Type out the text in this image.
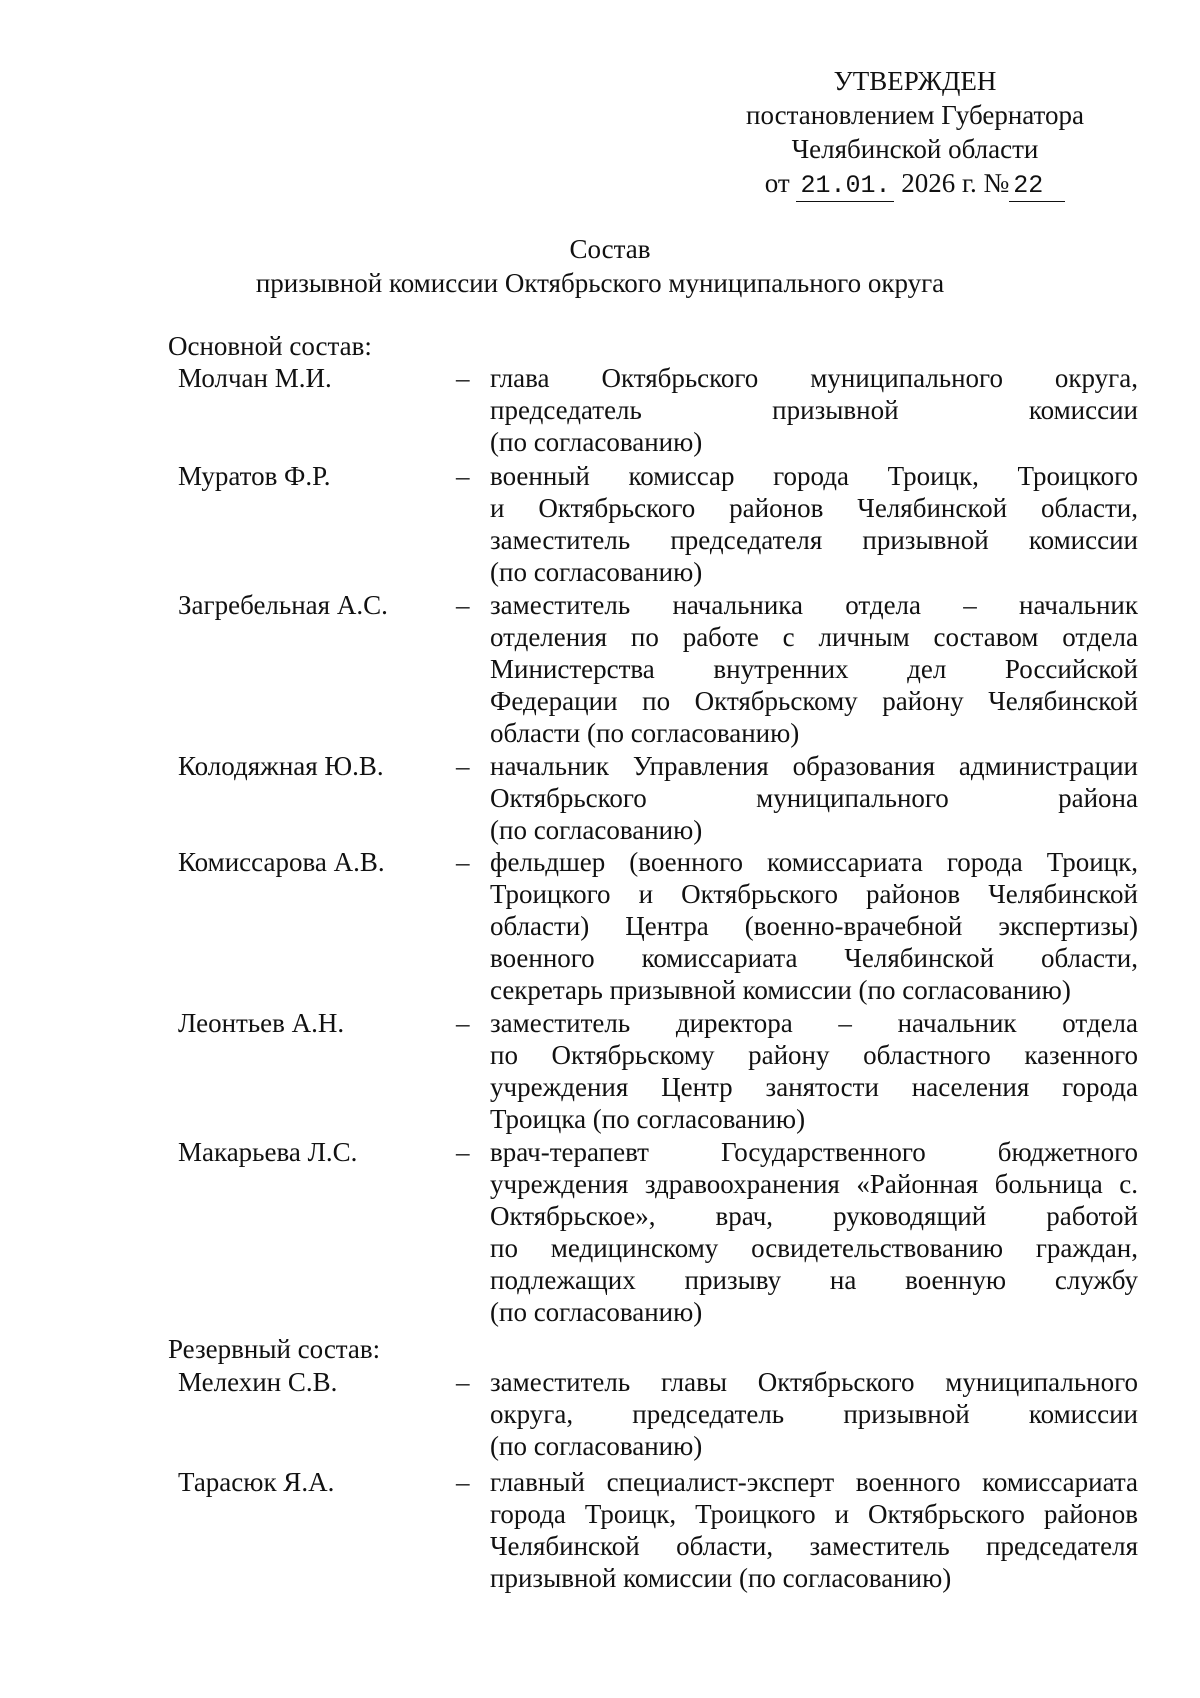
УТВЕРЖДЕН
постановлением Губернатора
Челябинской области
от 21.01. 2026 г. № 22
Состав
призывной комиссии Октябрьского муниципального округа
Основной состав:
Молчан М.И.	– глава Октябрьского муниципального округа,
председатель призывной комиссии
(по согласованию)
Муратов Ф.Р.	– военный комиссар города Троицк, Троицкого
и Октябрьского районов Челябинской области,
заместитель председателя призывной комиссии
(по согласованию)
Загребельная А.С.	– заместитель начальника отдела – начальник
отделения по работе с личным составом отдела
Министерства внутренних дел Российской
Федерации по Октябрьскому району Челябинской
области (по согласованию)
Колодяжная Ю.В.	– начальник Управления образования администрации
Октябрьского муниципального района
(по согласованию)
Комиссарова А.В.	– фельдшер (военного комиссариата города Троицк,
Троицкого и Октябрьского районов Челябинской
области) Центра (военно-врачебной экспертизы)
военного комиссариата Челябинской области,
секретарь призывной комиссии (по согласованию)
Леонтьев А.Н.	– заместитель директора – начальник отдела
по Октябрьскому району областного казенного
учреждения Центр занятости населения города
Троицка (по согласованию)
Макарьева Л.С.	– врач-терапевт Государственного бюджетного
учреждения здравоохранения «Районная больница с.
Октябрьское», врач, руководящий работой
по медицинскому освидетельствованию граждан,
подлежащих призыву на военную службу
(по согласованию)
Резервный состав:
Мелехин С.В.	– заместитель главы Октябрьского муниципального
округа, председатель призывной комиссии
(по согласованию)
Тарасюк Я.А.	– главный специалист-эксперт военного комиссариата
города Троицк, Троицкого и Октябрьского районов
Челябинской области, заместитель председателя
призывной комиссии (по согласованию)
